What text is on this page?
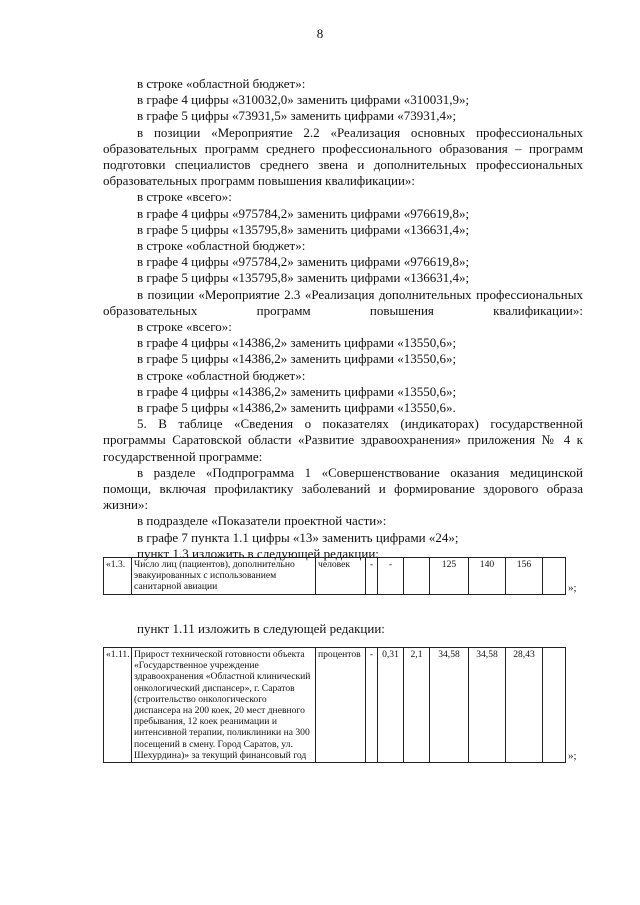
8

в строке «областной бюджет»:

в графе 4 цифры «310032,0» заменить цифрами «310031,9»;

в графе 5 цифры «73931,5» заменить цифрами «73931,4»;

в позиции «Мероприятие 2.2 «Реализация основных профессиональных образовательных программ среднего профессионального образования – программ подготовки специалистов среднего звена и дополнительных профессиональных образовательных программ повышения квалификации»:

в строке «всего»:

в графе 4 цифры «975784,2» заменить цифрами «976619,8»;

в графе 5 цифры «135795,8» заменить цифрами «136631,4»;

в строке «областной бюджет»:

в графе 4 цифры «975784,2» заменить цифрами «976619,8»;

в графе 5 цифры «135795,8» заменить цифрами «136631,4»;

в позиции «Мероприятие 2.3 «Реализация дополнительных профессиональных образовательных программ повышения квалификации»:

в строке «всего»:

в графе 4 цифры «14386,2» заменить цифрами «13550,6»;

в графе 5 цифры «14386,2» заменить цифрами «13550,6»;

в строке «областной бюджет»:

в графе 4 цифры «14386,2» заменить цифрами «13550,6»;

в графе 5 цифры «14386,2» заменить цифрами «13550,6».

5. В таблице «Сведения о показателях (индикаторах) государственной программы Саратовской области «Развитие здравоохранения» приложения № 4 к государственной программе:

в разделе «Подпрограмма 1 «Совершенствование оказания медицинской помощи, включая профилактику заболеваний и формирование здорового образа жизни»:

в подразделе «Показатели проектной части»:

в графе 7 пункта 1.1 цифры «13» заменить цифрами «24»;

пункт 1.3 изложить в следующей редакции:

«1.3.	Число лиц (пациентов), дополнительно эвакуированных с использованием санитарной авиации	человек	-	-		125	140	156		»;
пункт 1.11 изложить в следующей редакции:
«1.11.	Прирост технической готовности объекта «Государственное учреждение здравоохранения «Областной клинический онкологический диспансер», г. Саратов (строительство онкологического диспансера на 200 коек, 20 мест дневного пребывания, 12 коек реанимации и интенсивной терапии, поликлиники на 300 посещений в смену. Город Саратов, ул. Шехурдина)» за текущий финансовый год	процентов	-	0,31	2,1	34,58	34,58	28,43		»;
